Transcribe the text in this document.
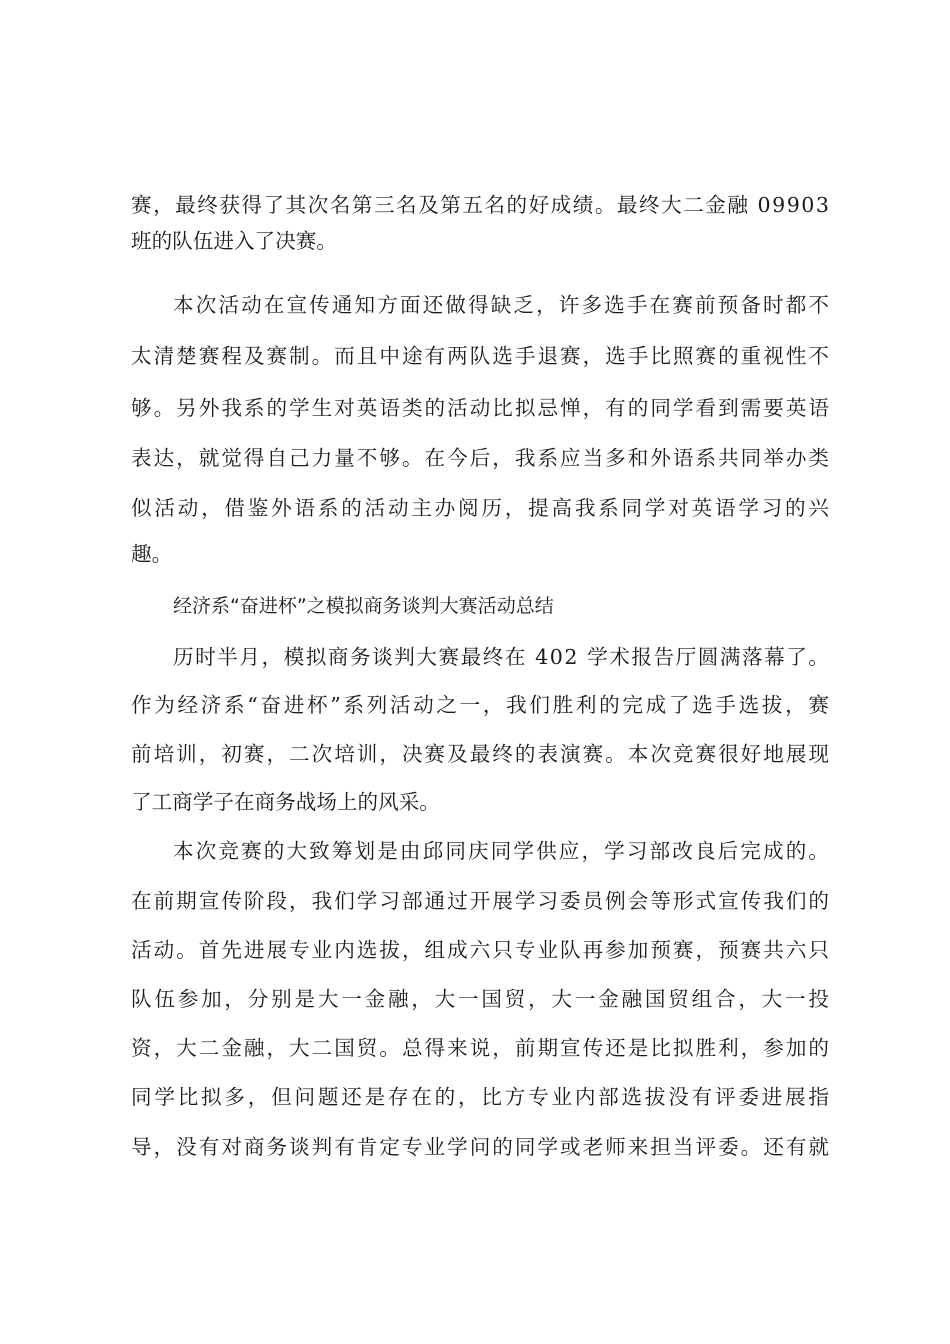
赛，最终获得了其次名第三名及第五名的好成绩。最终大二金融 09903
班的队伍进入了决赛。
本次活动在宣传通知方面还做得缺乏，许多选手在赛前预备时都不
太清楚赛程及赛制。而且中途有两队选手退赛，选手比照赛的重视性不
够。另外我系的学生对英语类的活动比拟忌惮，有的同学看到需要英语
表达，就觉得自己力量不够。在今后，我系应当多和外语系共同举办类
似活动，借鉴外语系的活动主办阅历，提高我系同学对英语学习的兴
趣。
经济系“奋进杯”之模拟商务谈判大赛活动总结
历时半月，模拟商务谈判大赛最终在 402 学术报告厅圆满落幕了。
作为经济系“奋进杯”系列活动之一，我们胜利的完成了选手选拔，赛
前培训，初赛，二次培训，决赛及最终的表演赛。本次竞赛很好地展现
了工商学子在商务战场上的风采。
本次竞赛的大致筹划是由邱同庆同学供应，学习部改良后完成的。
在前期宣传阶段，我们学习部通过开展学习委员例会等形式宣传我们的
活动。首先进展专业内选拔，组成六只专业队再参加预赛，预赛共六只
队伍参加，分别是大一金融，大一国贸，大一金融国贸组合，大一投
资，大二金融，大二国贸。总得来说，前期宣传还是比拟胜利，参加的
同学比拟多，但问题还是存在的，比方专业内部选拔没有评委进展指
导，没有对商务谈判有肯定专业学问的同学或老师来担当评委。还有就
